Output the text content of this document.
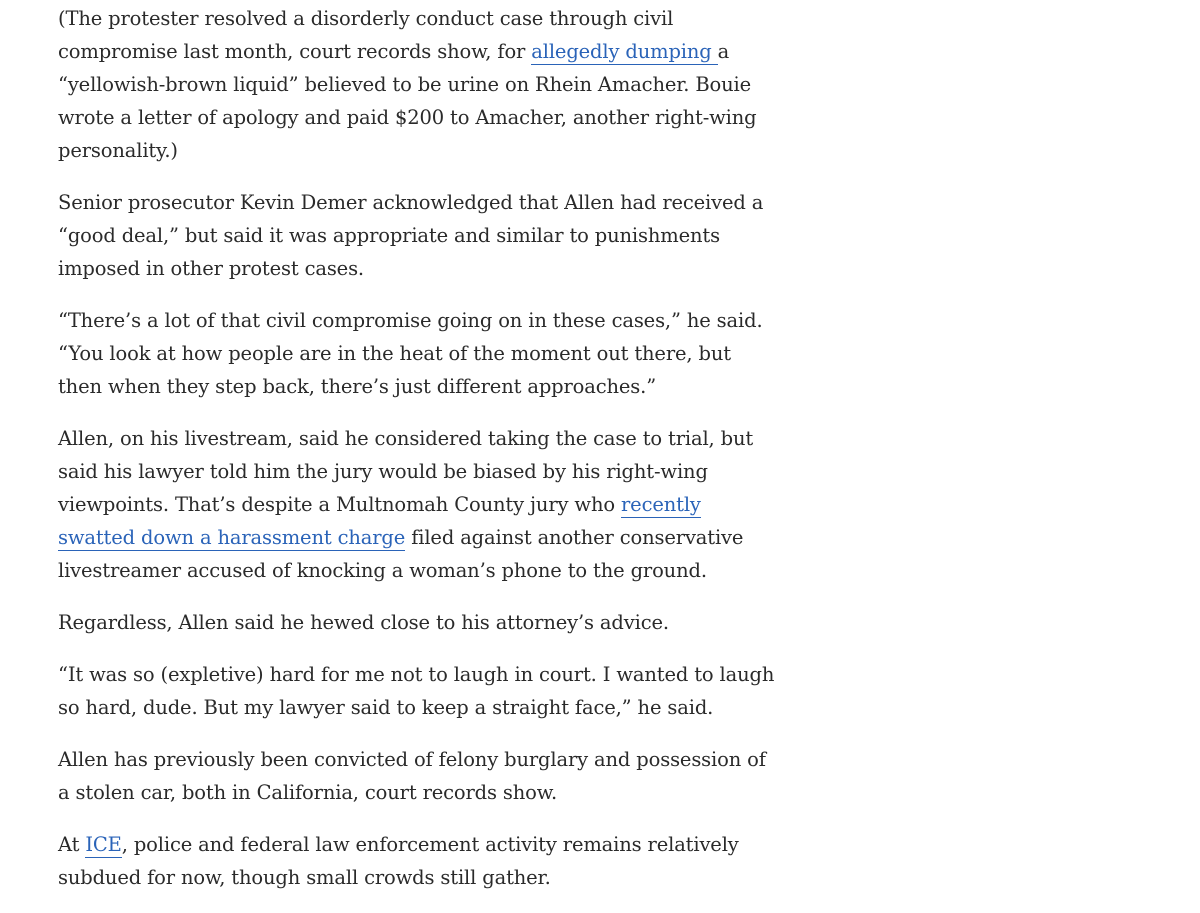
(The protester resolved a disorderly conduct case through civil compromise last month, court records show, for allegedly dumping a “yellowish-brown liquid” believed to be urine on Rhein Amacher. Bouie wrote a letter of apology and paid $200 to Amacher, another right-wing personality.)

Senior prosecutor Kevin Demer acknowledged that Allen had received a “good deal,” but said it was appropriate and similar to punishments imposed in other protest cases.

“There’s a lot of that civil compromise going on in these cases,” he said. “You look at how people are in the heat of the moment out there, but then when they step back, there’s just different approaches.”

Allen, on his livestream, said he considered taking the case to trial, but said his lawyer told him the jury would be biased by his right-wing viewpoints. That’s despite a Multnomah County jury who recently swatted down a harassment charge filed against another conservative livestreamer accused of knocking a woman’s phone to the ground.

Regardless, Allen said he hewed close to his attorney’s advice.

“It was so (expletive) hard for me not to laugh in court. I wanted to laugh so hard, dude. But my lawyer said to keep a straight face,” he said.

Allen has previously been convicted of felony burglary and possession of a stolen car, both in California, court records show.

At ICE, police and federal law enforcement activity remains relatively subdued for now, though small crowds still gather.
